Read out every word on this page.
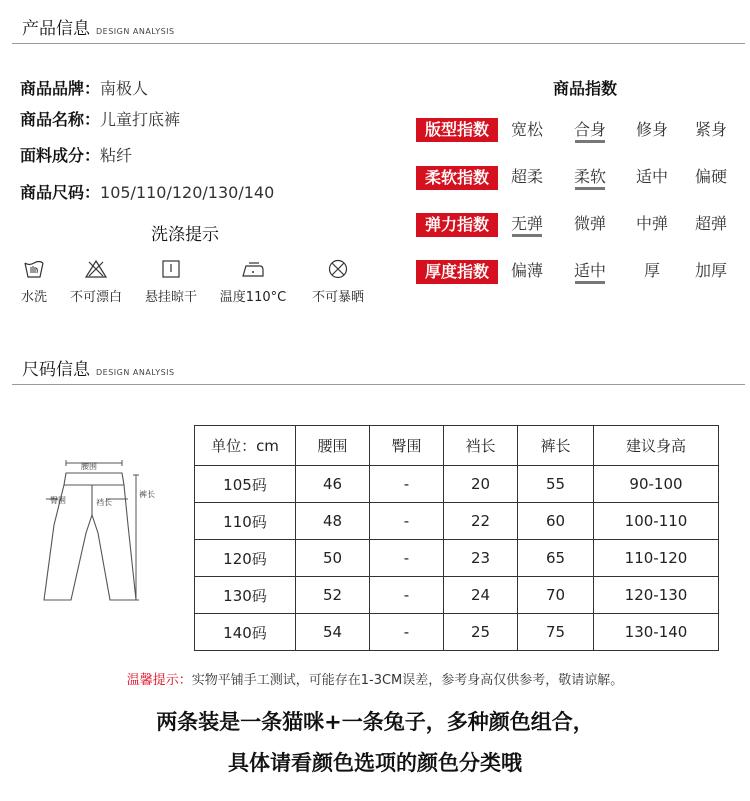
产品信息 DESIGN ANALYSIS
商品品牌：南极人
商品名称：儿童打底裤
面料成分：粘纤
商品尺码：105/110/120/130/140
洗涤提示
水洗	不可漂白	悬挂晾干	温度110°C	不可暴晒
商品指数
版型指数	宽松	合身	修身	紧身
柔软指数	超柔	柔软	适中	偏硬
弹力指数	无弹	微弹	中弹	超弹
厚度指数	偏薄	适中	厚	加厚
尺码信息 DESIGN ANALYSIS
腰围
臀围	裆长
裤长
单位：cm	腰围	臀围	裆长	裤长	建议身高
105码	46	-	20	55	90-100
110码	48	-	22	60	100-110
120码	50	-	23	65	110-120
130码	52	-	24	70	120-130
140码	54	-	25	75	130-140
温馨提示：实物平铺手工测试，可能存在1-3CM误差，参考身高仅供参考，敬请谅解。
两条装是一条猫咪+一条兔子，多种颜色组合，
具体请看颜色选项的颜色分类哦
